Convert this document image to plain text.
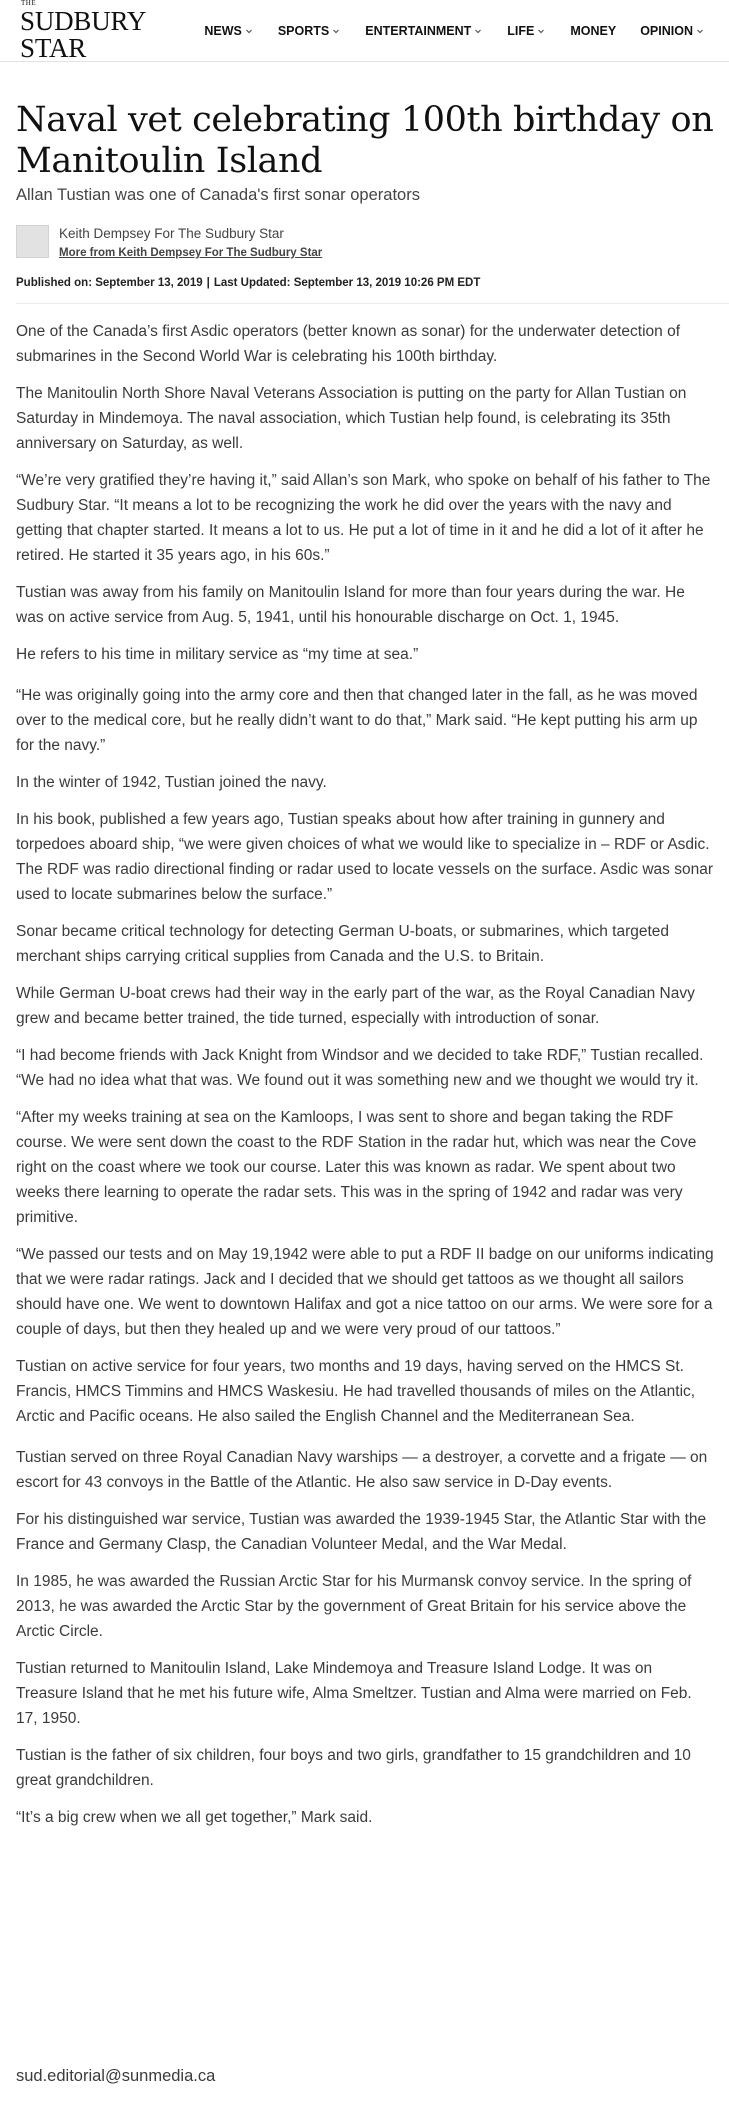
THE
SUDBURY STAR
NEWS	SPORTS	ENTERTAINMENT	LIFE	MONEY OPINION
Naval vet celebrating 100th birthday on Manitoulin Island
Allan Tustian was one of Canada's first sonar operators
Keith Dempsey For The Sudbury Star
More from Keith Dempsey For The Sudbury Star
Published on: September 13, 2019 | Last Updated: September 13, 2019 10:26 PM EDT

One of the Canada’s first Asdic operators (better known as sonar) for the underwater detection of submarines in the Second World War is celebrating his 100th birthday.

The Manitoulin North Shore Naval Veterans Association is putting on the party for Allan Tustian on Saturday in Mindemoya. The naval association, which Tustian help found, is celebrating its 35th anniversary on Saturday, as well.

“We’re very gratified they’re having it,” said Allan’s son Mark, who spoke on behalf of his father to The Sudbury Star. “It means a lot to be recognizing the work he did over the years with the navy and getting that chapter started. It means a lot to us. He put a lot of time in it and he did a lot of it after he retired. He started it 35 years ago, in his 60s.”

Tustian was away from his family on Manitoulin Island for more than four years during the war. He was on active service from Aug. 5, 1941, until his honourable discharge on Oct. 1, 1945.

He refers to his time in military service as “my time at sea.”

“He was originally going into the army core and then that changed later in the fall, as he was moved over to the medical core, but he really didn’t want to do that,” Mark said. “He kept putting his arm up for the navy.”

In the winter of 1942, Tustian joined the navy.

In his book, published a few years ago, Tustian speaks about how after training in gunnery and torpedoes aboard ship, “we were given choices of what we would like to specialize in – RDF or Asdic. The RDF was radio directional finding or radar used to locate vessels on the surface. Asdic was sonar used to locate submarines below the surface.”

Sonar became critical technology for detecting German U-boats, or submarines, which targeted merchant ships carrying critical supplies from Canada and the U.S. to Britain.

While German U-boat crews had their way in the early part of the war, as the Royal Canadian Navy grew and became better trained, the tide turned, especially with introduction of sonar.

“I had become friends with Jack Knight from Windsor and we decided to take RDF,” Tustian recalled. “We had no idea what that was. We found out it was something new and we thought we would try it.

“After my weeks training at sea on the Kamloops, I was sent to shore and began taking the RDF course. We were sent down the coast to the RDF Station in the radar hut, which was near the Cove right on the coast where we took our course. Later this was known as radar. We spent about two weeks there learning to operate the radar sets. This was in the spring of 1942 and radar was very primitive.

“We passed our tests and on May 19,1942 were able to put a RDF II badge on our uniforms indicating that we were radar ratings. Jack and I decided that we should get tattoos as we thought all sailors should have one. We went to downtown Halifax and got a nice tattoo on our arms. We were sore for a couple of days, but then they healed up and we were very proud of our tattoos.”

Tustian on active service for four years, two months and 19 days, having served on the HMCS St. Francis, HMCS Timmins and HMCS Waskesiu. He had travelled thousands of miles on the Atlantic, Arctic and Pacific oceans. He also sailed the English Channel and the Mediterranean Sea.

Tustian served on three Royal Canadian Navy warships — a destroyer, a corvette and a frigate — on escort for 43 convoys in the Battle of the Atlantic. He also saw service in D-Day events.

For his distinguished war service, Tustian was awarded the 1939-1945 Star, the Atlantic Star with the France and Germany Clasp, the Canadian Volunteer Medal, and the War Medal.

In 1985, he was awarded the Russian Arctic Star for his Murmansk convoy service. In the spring of 2013, he was awarded the Arctic Star by the government of Great Britain for his service above the Arctic Circle.

Tustian returned to Manitoulin Island, Lake Mindemoya and Treasure Island Lodge. It was on Treasure Island that he met his future wife, Alma Smeltzer. Tustian and Alma were married on Feb. 17, 1950.

Tustian is the father of six children, four boys and two girls, grandfather to 15 grandchildren and 10 great grandchildren.

“It’s a big crew when we all get together,” Mark said.

sud.editorial@sunmedia.ca
